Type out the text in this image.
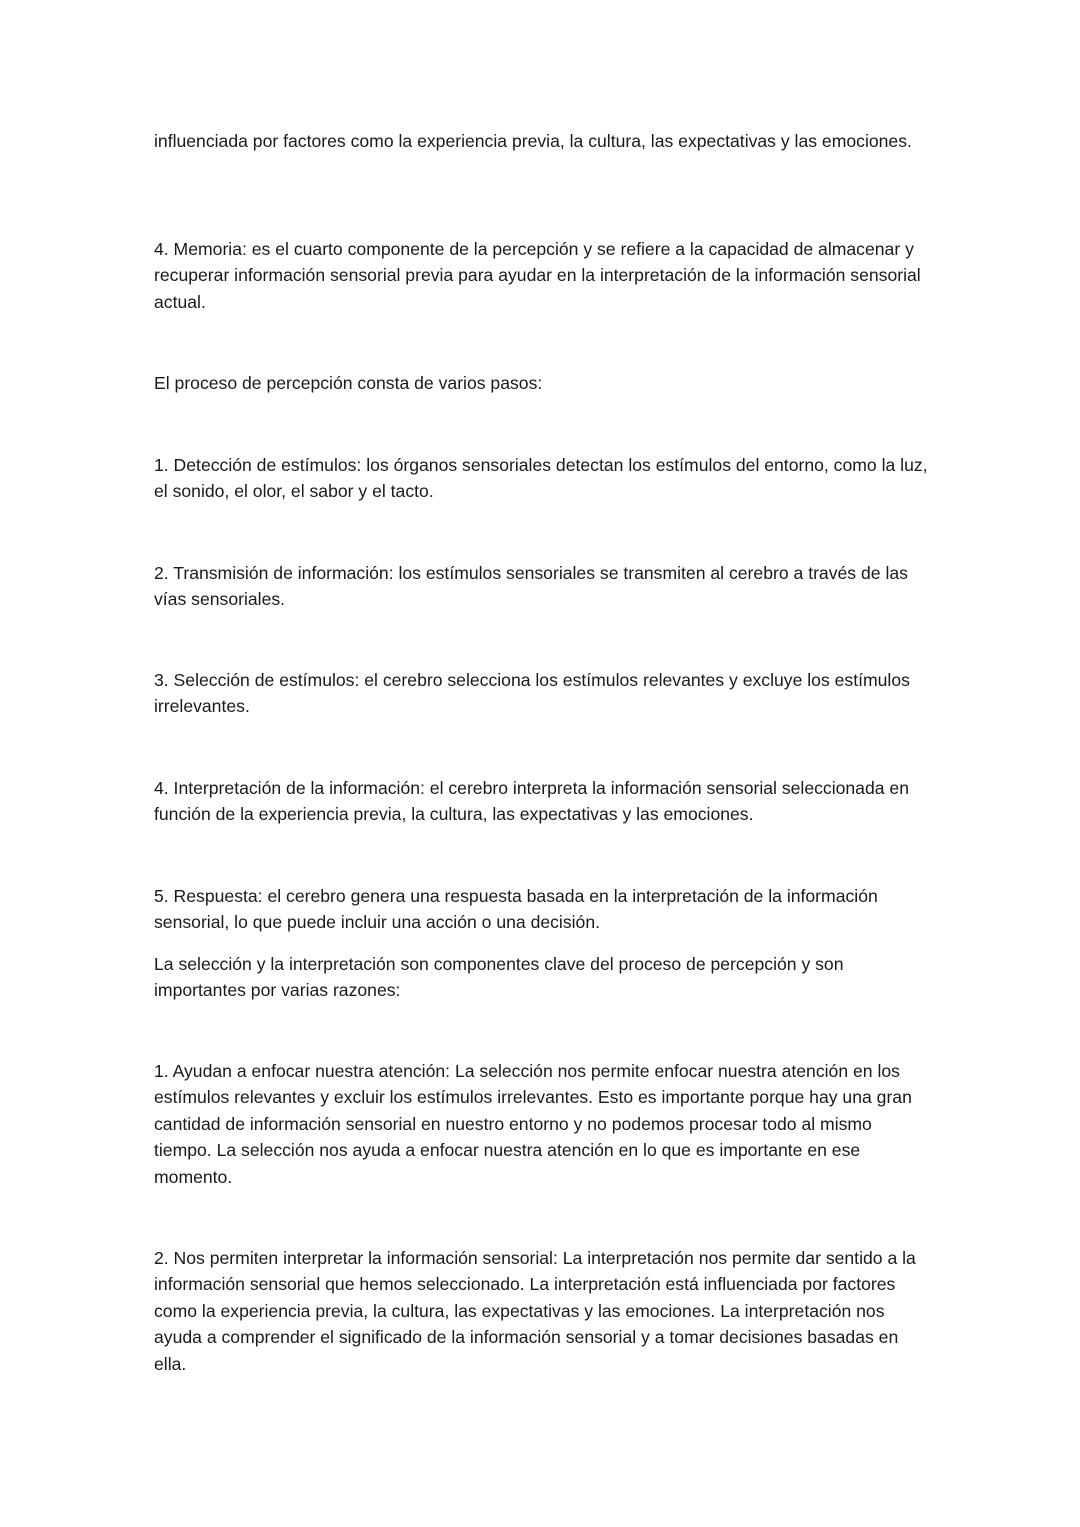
influenciada por factores como la experiencia previa, la cultura, las expectativas y las emociones.

4. Memoria: es el cuarto componente de la percepción y se refiere a la capacidad de almacenar y recuperar información sensorial previa para ayudar en la interpretación de la información sensorial actual.

El proceso de percepción consta de varios pasos:

1. Detección de estímulos: los órganos sensoriales detectan los estímulos del entorno, como la luz, el sonido, el olor, el sabor y el tacto.

2. Transmisión de información: los estímulos sensoriales se transmiten al cerebro a través de las vías sensoriales.

3. Selección de estímulos: el cerebro selecciona los estímulos relevantes y excluye los estímulos irrelevantes.

4. Interpretación de la información: el cerebro interpreta la información sensorial seleccionada en función de la experiencia previa, la cultura, las expectativas y las emociones.

5. Respuesta: el cerebro genera una respuesta basada en la interpretación de la información sensorial, lo que puede incluir una acción o una decisión.

La selección y la interpretación son componentes clave del proceso de percepción y son importantes por varias razones:

1. Ayudan a enfocar nuestra atención: La selección nos permite enfocar nuestra atención en los estímulos relevantes y excluir los estímulos irrelevantes. Esto es importante porque hay una gran cantidad de información sensorial en nuestro entorno y no podemos procesar todo al mismo tiempo. La selección nos ayuda a enfocar nuestra atención en lo que es importante en ese momento.

2. Nos permiten interpretar la información sensorial: La interpretación nos permite dar sentido a la información sensorial que hemos seleccionado. La interpretación está influenciada por factores como la experiencia previa, la cultura, las expectativas y las emociones. La interpretación nos ayuda a comprender el significado de la información sensorial y a tomar decisiones basadas en ella.
